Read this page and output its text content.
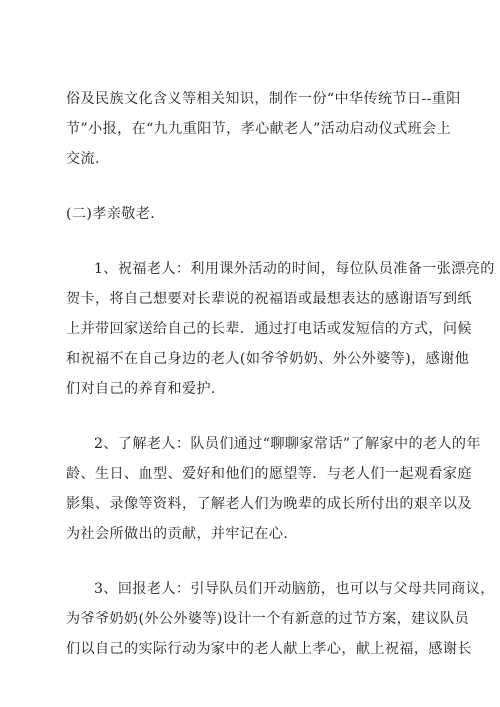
俗及民族文化含义等相关知识，制作一份“中华传统节日--重阳
节”小报，在“九九重阳节，孝心献老人”活动启动仪式班会上
交流.
(二)孝亲敬老.
1、祝福老人：利用课外活动的时间，每位队员准备一张漂亮的
贺卡，将自己想要对长辈说的祝福语或最想表达的感谢语写到纸
上并带回家送给自己的长辈．通过打电话或发短信的方式，问候
和祝福不在自己身边的老人(如爷爷奶奶、外公外婆等)，感谢他
们对自己的养育和爱护.
2、了解老人：队员们通过“聊聊家常话”了解家中的老人的年
龄、生日、血型、爱好和他们的愿望等．与老人们一起观看家庭
影集、录像等资料，了解老人们为晚辈的成长所付出的艰辛以及
为社会所做出的贡献，并牢记在心.
3、回报老人：引导队员们开动脑筋，也可以与父母共同商议，
为爷爷奶奶(外公外婆等)设计一个有新意的过节方案，建议队员
们以自己的实际行动为家中的老人献上孝心，献上祝福，感谢长
